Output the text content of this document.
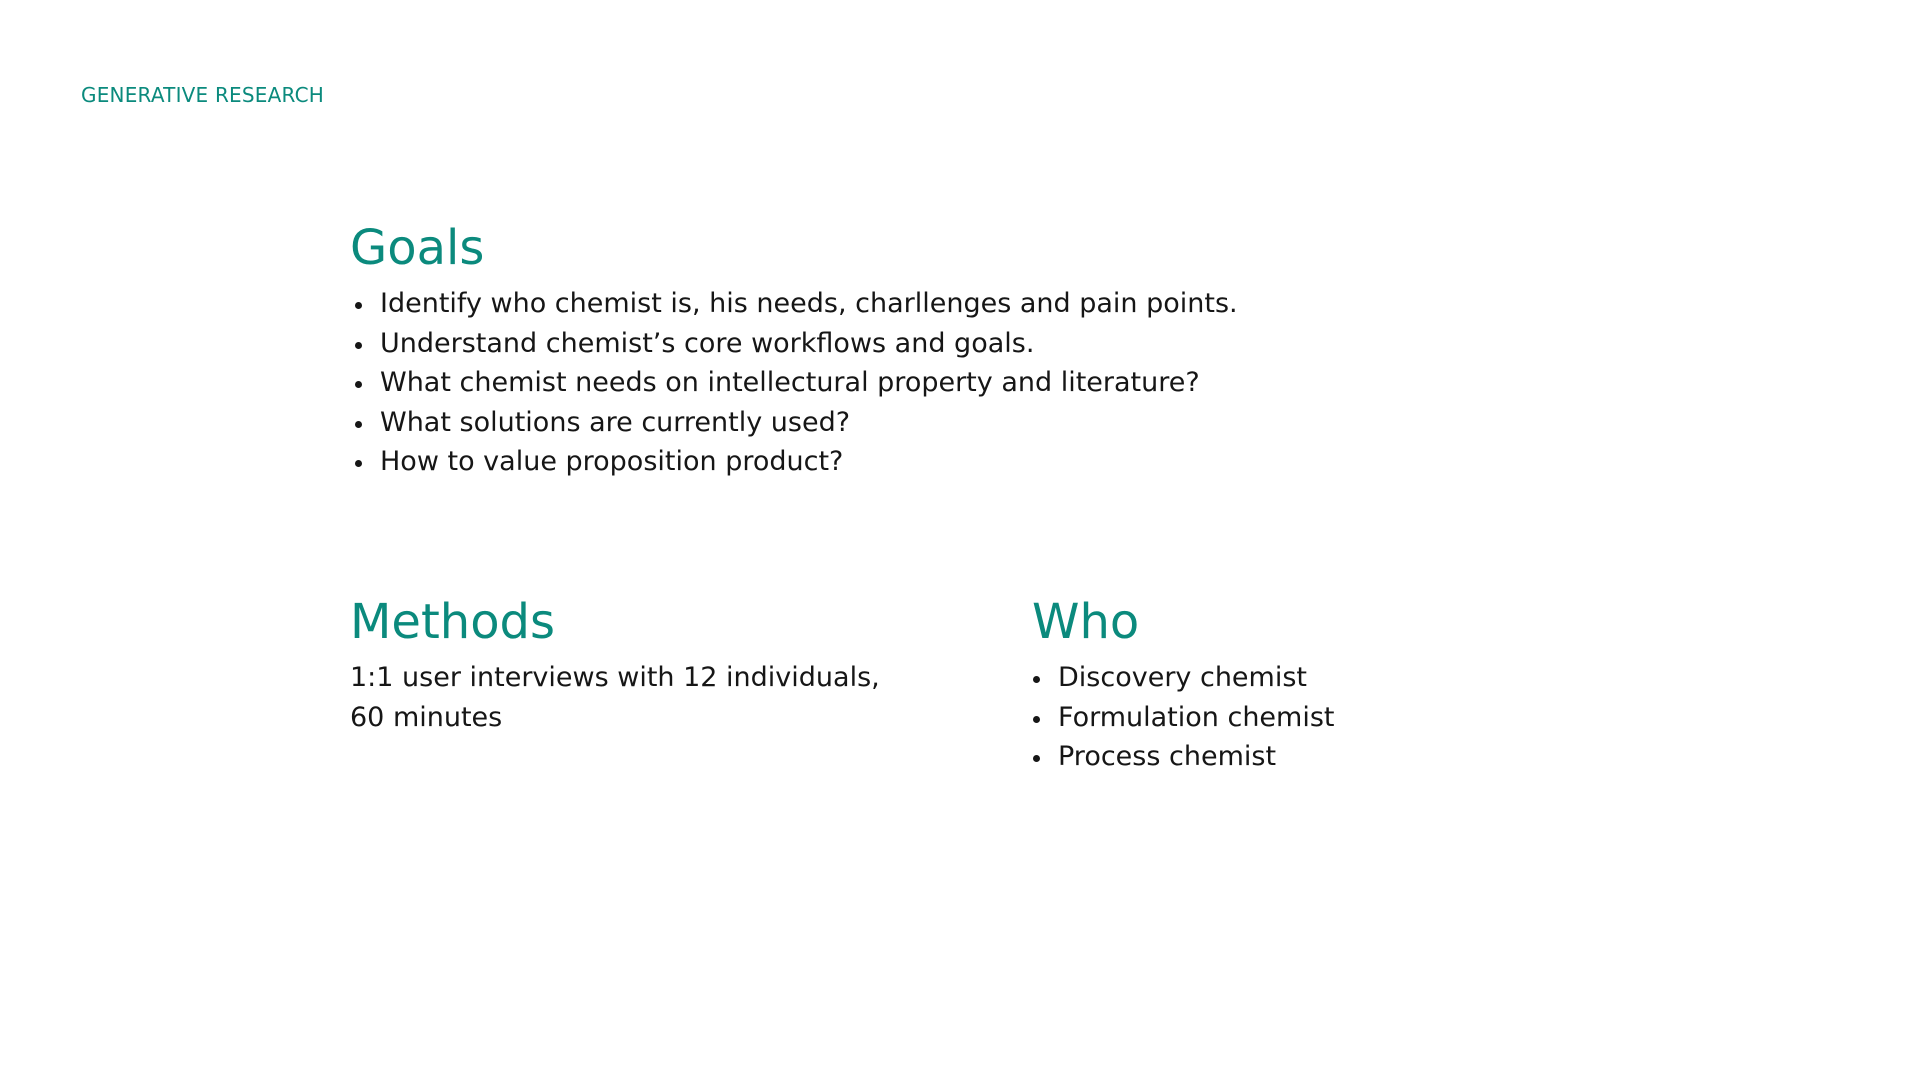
GENERATIVE RESEARCH
Goals
Identify who chemist is, his needs, charllenges and pain points.
Understand chemist’s core workflows and goals.
What chemist needs on intellectural property and literature?
What solutions are currently used?
How to value proposition product?
Methods

1:1 user interviews with 12 individuals,
60 minutes

Who
Discovery chemist
Formulation chemist
Process chemist
